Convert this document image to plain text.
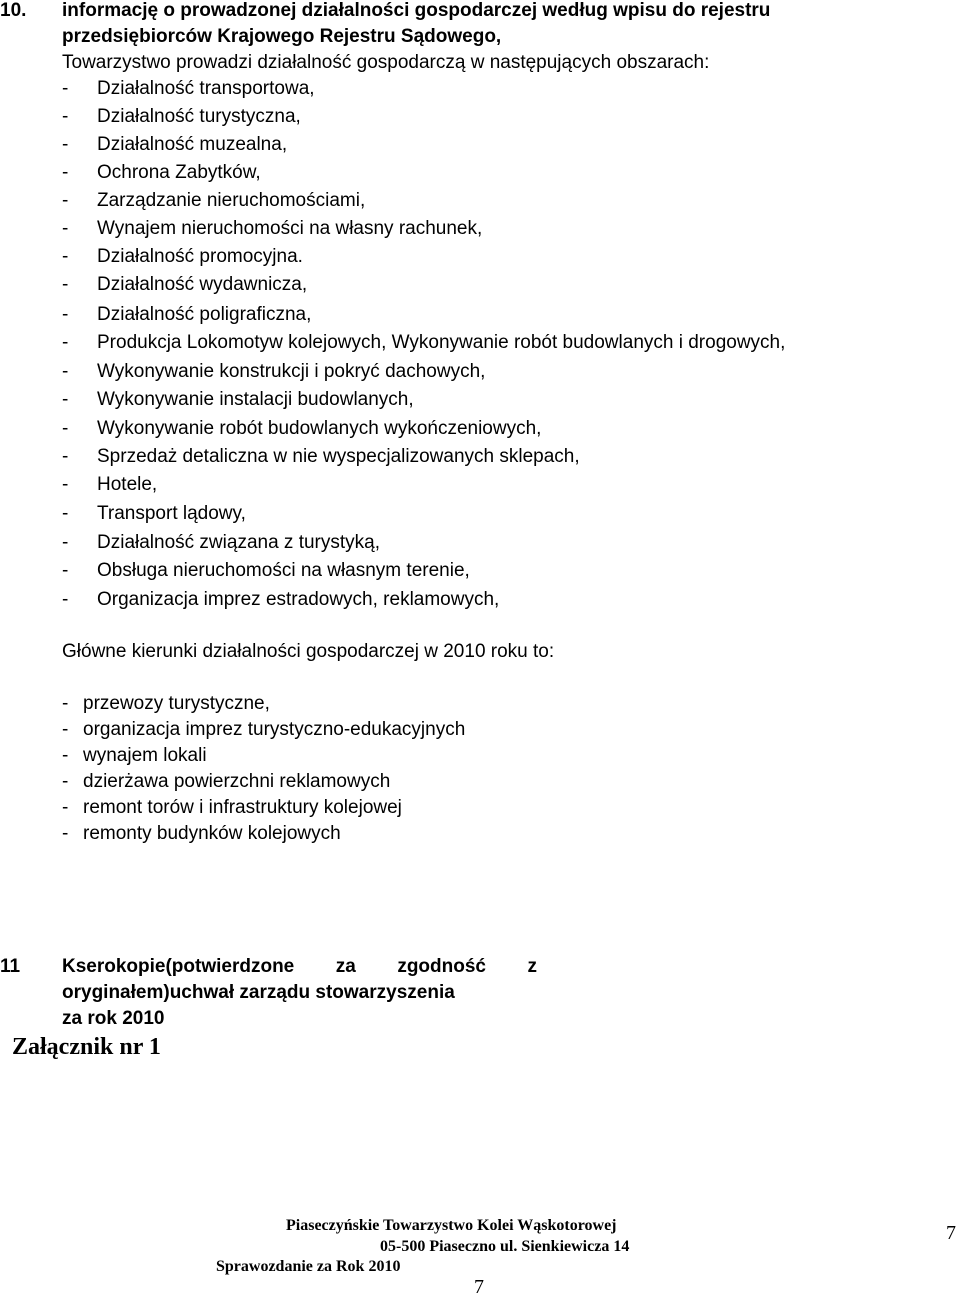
10. informację o prowadzonej działalności gospodarczej według wpisu do rejestru
przedsiębiorców Krajowego Rejestru Sądowego,
Towarzystwo prowadzi działalność gospodarczą w następujących obszarach:
- Działalność transportowa,
- Działalność turystyczna,
- Działalność muzealna,
- Ochrona Zabytków,
- Zarządzanie nieruchomościami,
- Wynajem nieruchomości na własny rachunek,
- Działalność promocyjna.
- Działalność wydawnicza,
- Działalność poligraficzna,
- Produkcja Lokomotyw kolejowych, Wykonywanie robót budowlanych i drogowych,
- Wykonywanie konstrukcji i pokryć dachowych,
- Wykonywanie instalacji budowlanych,
- Wykonywanie robót budowlanych wykończeniowych,
- Sprzedaż detaliczna w nie wyspecjalizowanych sklepach,
- Hotele,
- Transport lądowy,
- Działalność związana z turystyką,
- Obsługa nieruchomości na własnym terenie,
- Organizacja imprez estradowych, reklamowych,
Główne kierunki działalności gospodarczej w 2010 roku to:
- przewozy turystyczne,
- organizacja imprez turystyczno-edukacyjnych
- wynajem lokali
- dzierżawa powierzchni reklamowych
- remont torów i infrastruktury kolejowej
- remonty budynków kolejowych
11 Kserokopie(potwierdzone za zgodność z
oryginałem)uchwał zarządu stowarzyszenia
za rok 2010
Załącznik nr 1
Piaseczyńskie Towarzystwo Kolei Wąskotorowej
05-500 Piaseczno ul. Sienkiewicza 14
Sprawozdanie za Rok 2010
7
7
